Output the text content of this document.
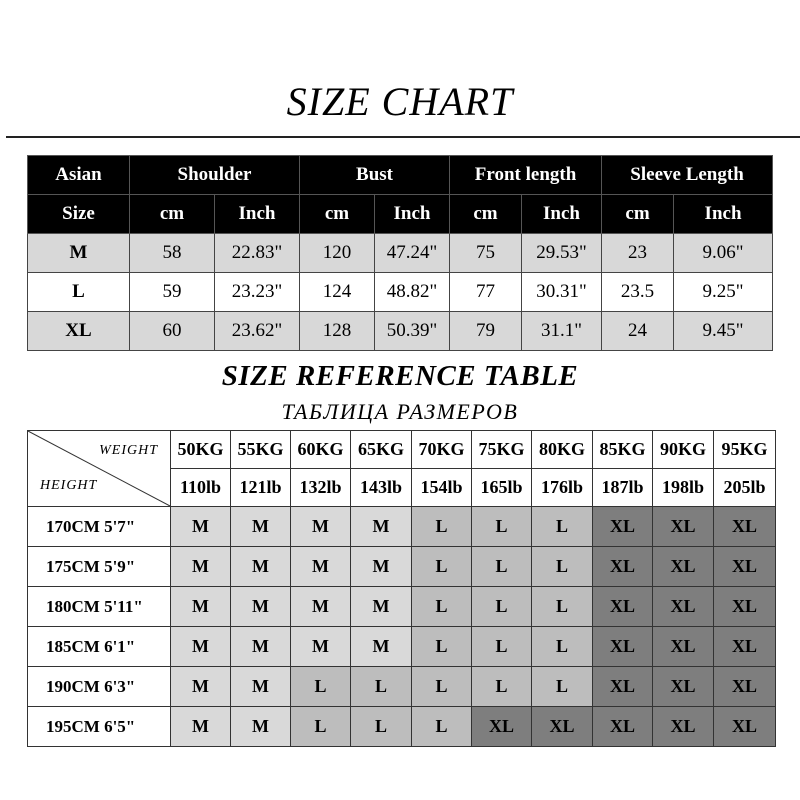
SIZE CHART
Asian	Shoulder		Bust		Front length		Sleeve Length	
Size	cm	Inch	cm	Inch	cm	Inch	cm	Inch
M	58	22.83"	120	47.24"	75	29.53"	23	9.06"
L	59	23.23"	124	48.82"	77	30.31"	23.5	9.25"
XL	60	23.62"	128	50.39"	79	31.1"	24	9.45"
SIZE REFERENCE TABLE
ТАБЛИЦА РАЗМЕРОВ
WEIGHT
HEIGHT	50KG	55KG	60KG	65KG	70KG	75KG	80KG	85KG	90KG	95KG
	110lb	121lb	132lb	143lb	154lb	165lb	176lb	187lb	198lb	205lb
170CM 5'7"	M	M	M	M	L	L	L	XL	XL	XL
175CM 5'9"	M	M	M	M	L	L	L	XL	XL	XL
180CM 5'11"	M	M	M	M	L	L	L	XL	XL	XL
185CM 6'1"	M	M	M	M	L	L	L	XL	XL	XL
190CM 6'3"	M	M	L	L	L	L	L	XL	XL	XL
195CM 6'5"	M	M	L	L	L	XL	XL	XL	XL	XL
